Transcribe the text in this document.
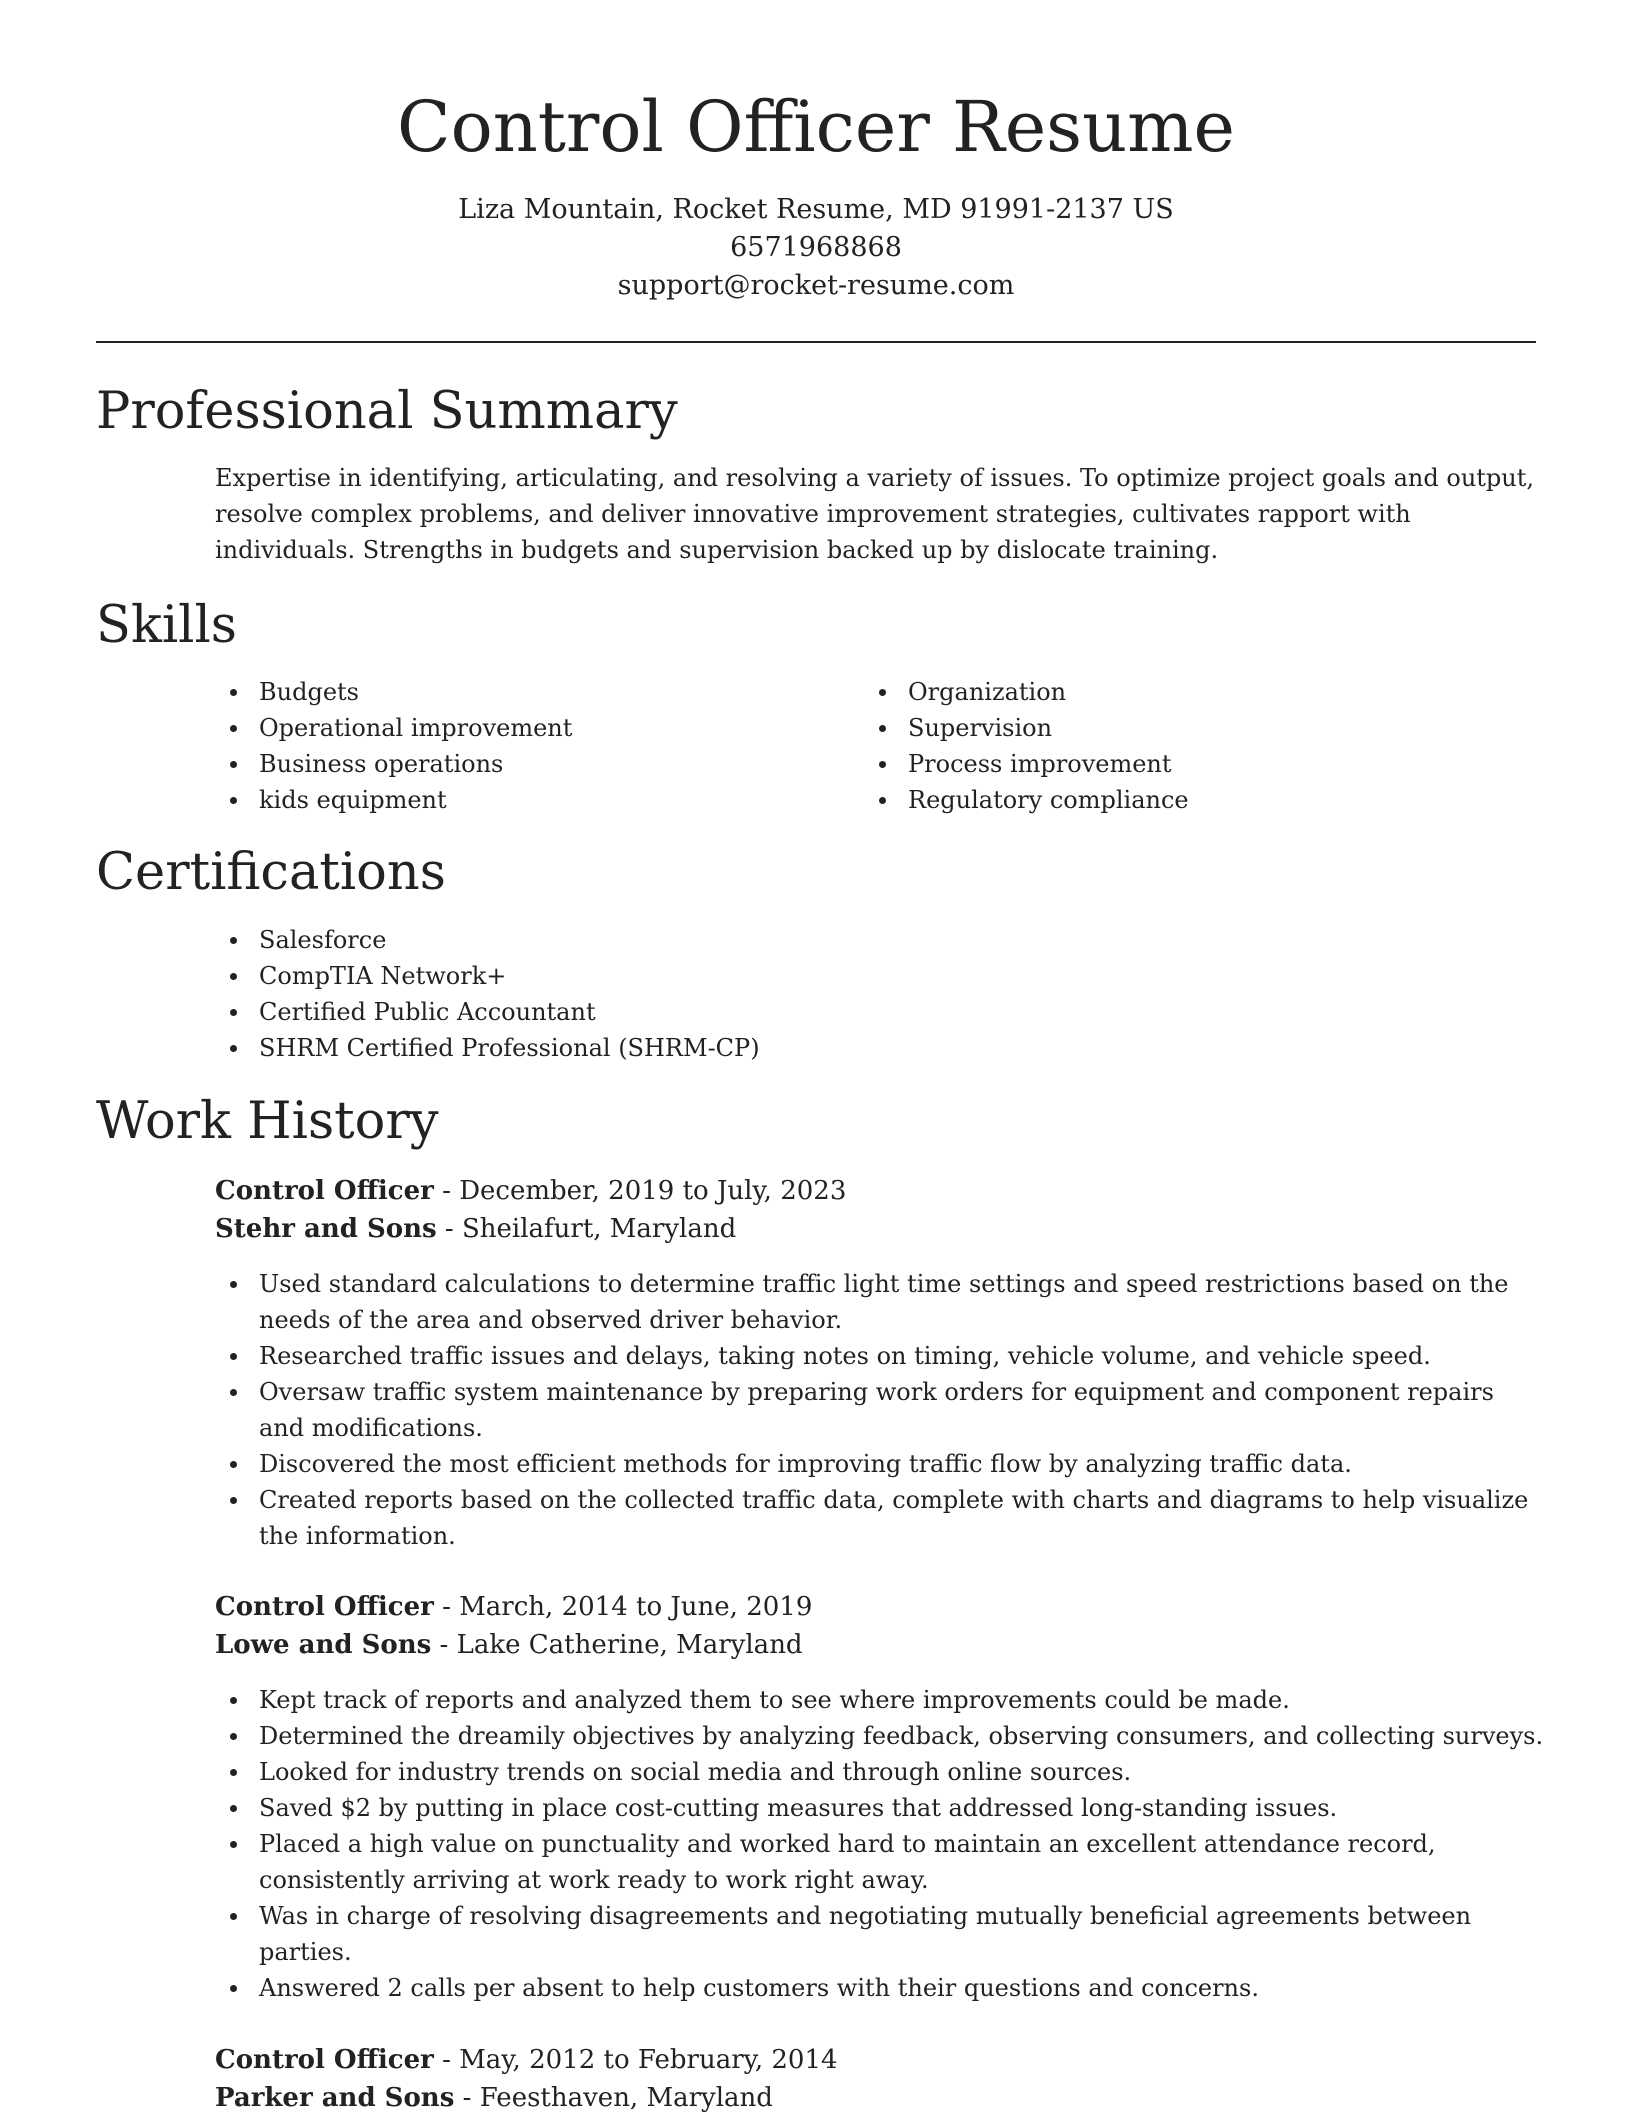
Control Officer Resume
Liza Mountain, Rocket Resume, MD 91991-2137 US
6571968868
support@rocket-resume.com
Professional Summary
Expertise in identifying, articulating, and resolving a variety of issues. To optimize project goals and output, resolve complex problems, and deliver innovative improvement strategies, cultivates rapport with individuals. Strengths in budgets and supervision backed up by dislocate training.
Skills
Budgets
Operational improvement
Business operations
kids equipment
Organization
Supervision
Process improvement
Regulatory compliance
Certifications
Salesforce
CompTIA Network+
Certified Public Accountant
SHRM Certified Professional (SHRM-CP)
Work History
Control Officer - December, 2019 to July, 2023
Stehr and Sons - Sheilafurt, Maryland
Used standard calculations to determine traffic light time settings and speed restrictions based on the needs of the area and observed driver behavior.
Researched traffic issues and delays, taking notes on timing, vehicle volume, and vehicle speed.
Oversaw traffic system maintenance by preparing work orders for equipment and component repairs and modifications.
Discovered the most efficient methods for improving traffic flow by analyzing traffic data.
Created reports based on the collected traffic data, complete with charts and diagrams to help visualize the information.
Control Officer - March, 2014 to June, 2019
Lowe and Sons - Lake Catherine, Maryland
Kept track of reports and analyzed them to see where improvements could be made.
Determined the dreamily objectives by analyzing feedback, observing consumers, and collecting surveys.
Looked for industry trends on social media and through online sources.
Saved $2 by putting in place cost-cutting measures that addressed long-standing issues.
Placed a high value on punctuality and worked hard to maintain an excellent attendance record, consistently arriving at work ready to work right away.
Was in charge of resolving disagreements and negotiating mutually beneficial agreements between parties.
Answered 2 calls per absent to help customers with their questions and concerns.
Control Officer - May, 2012 to February, 2014
Parker and Sons - Feesthaven, Maryland
